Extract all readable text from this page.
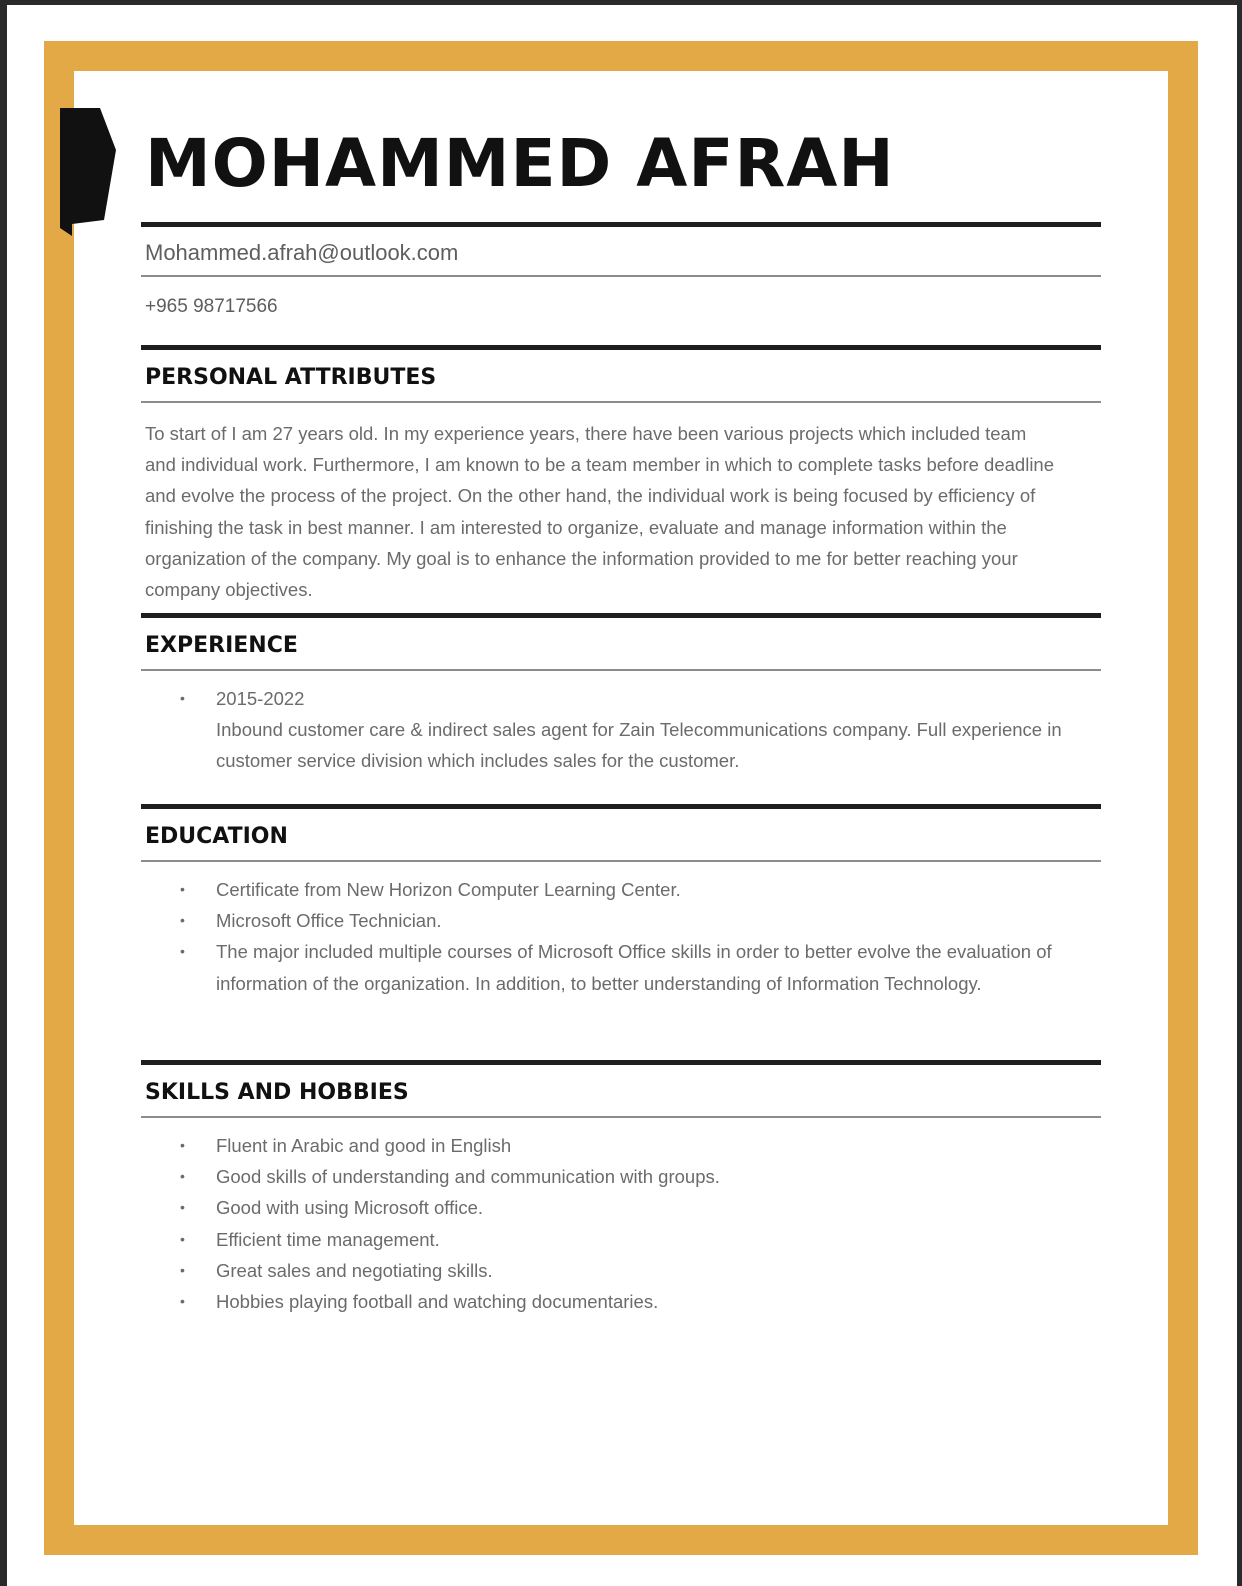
MOHAMMED AFRAH
Mohammed.afrah@outlook.com
+965 98717566
PERSONAL ATTRIBUTES

To start of I am 27 years old. In my experience years, there have been various projects which included team and individual work. Furthermore, I am known to be a team member in which to complete tasks before deadline and evolve the process of the project. On the other hand, the individual work is being focused by efficiency of finishing the task in best manner. I am interested to organize, evaluate and manage information within the organization of the company. My goal is to enhance the information provided to me for better reaching your company objectives.

EXPERIENCE
• 2015-2022
Inbound customer care & indirect sales agent for Zain Telecommunications company. Full experience in customer service division which includes sales for the customer.
EDUCATION
• Certificate from New Horizon Computer Learning Center.
• Microsoft Office Technician.
• The major included multiple courses of Microsoft Office skills in order to better evolve the evaluation of information of the organization. In addition, to better understanding of Information Technology.
SKILLS AND HOBBIES
• Fluent in Arabic and good in English
• Good skills of understanding and communication with groups.
• Good with using Microsoft office.
• Efficient time management.
• Great sales and negotiating skills.
• Hobbies playing football and watching documentaries.
